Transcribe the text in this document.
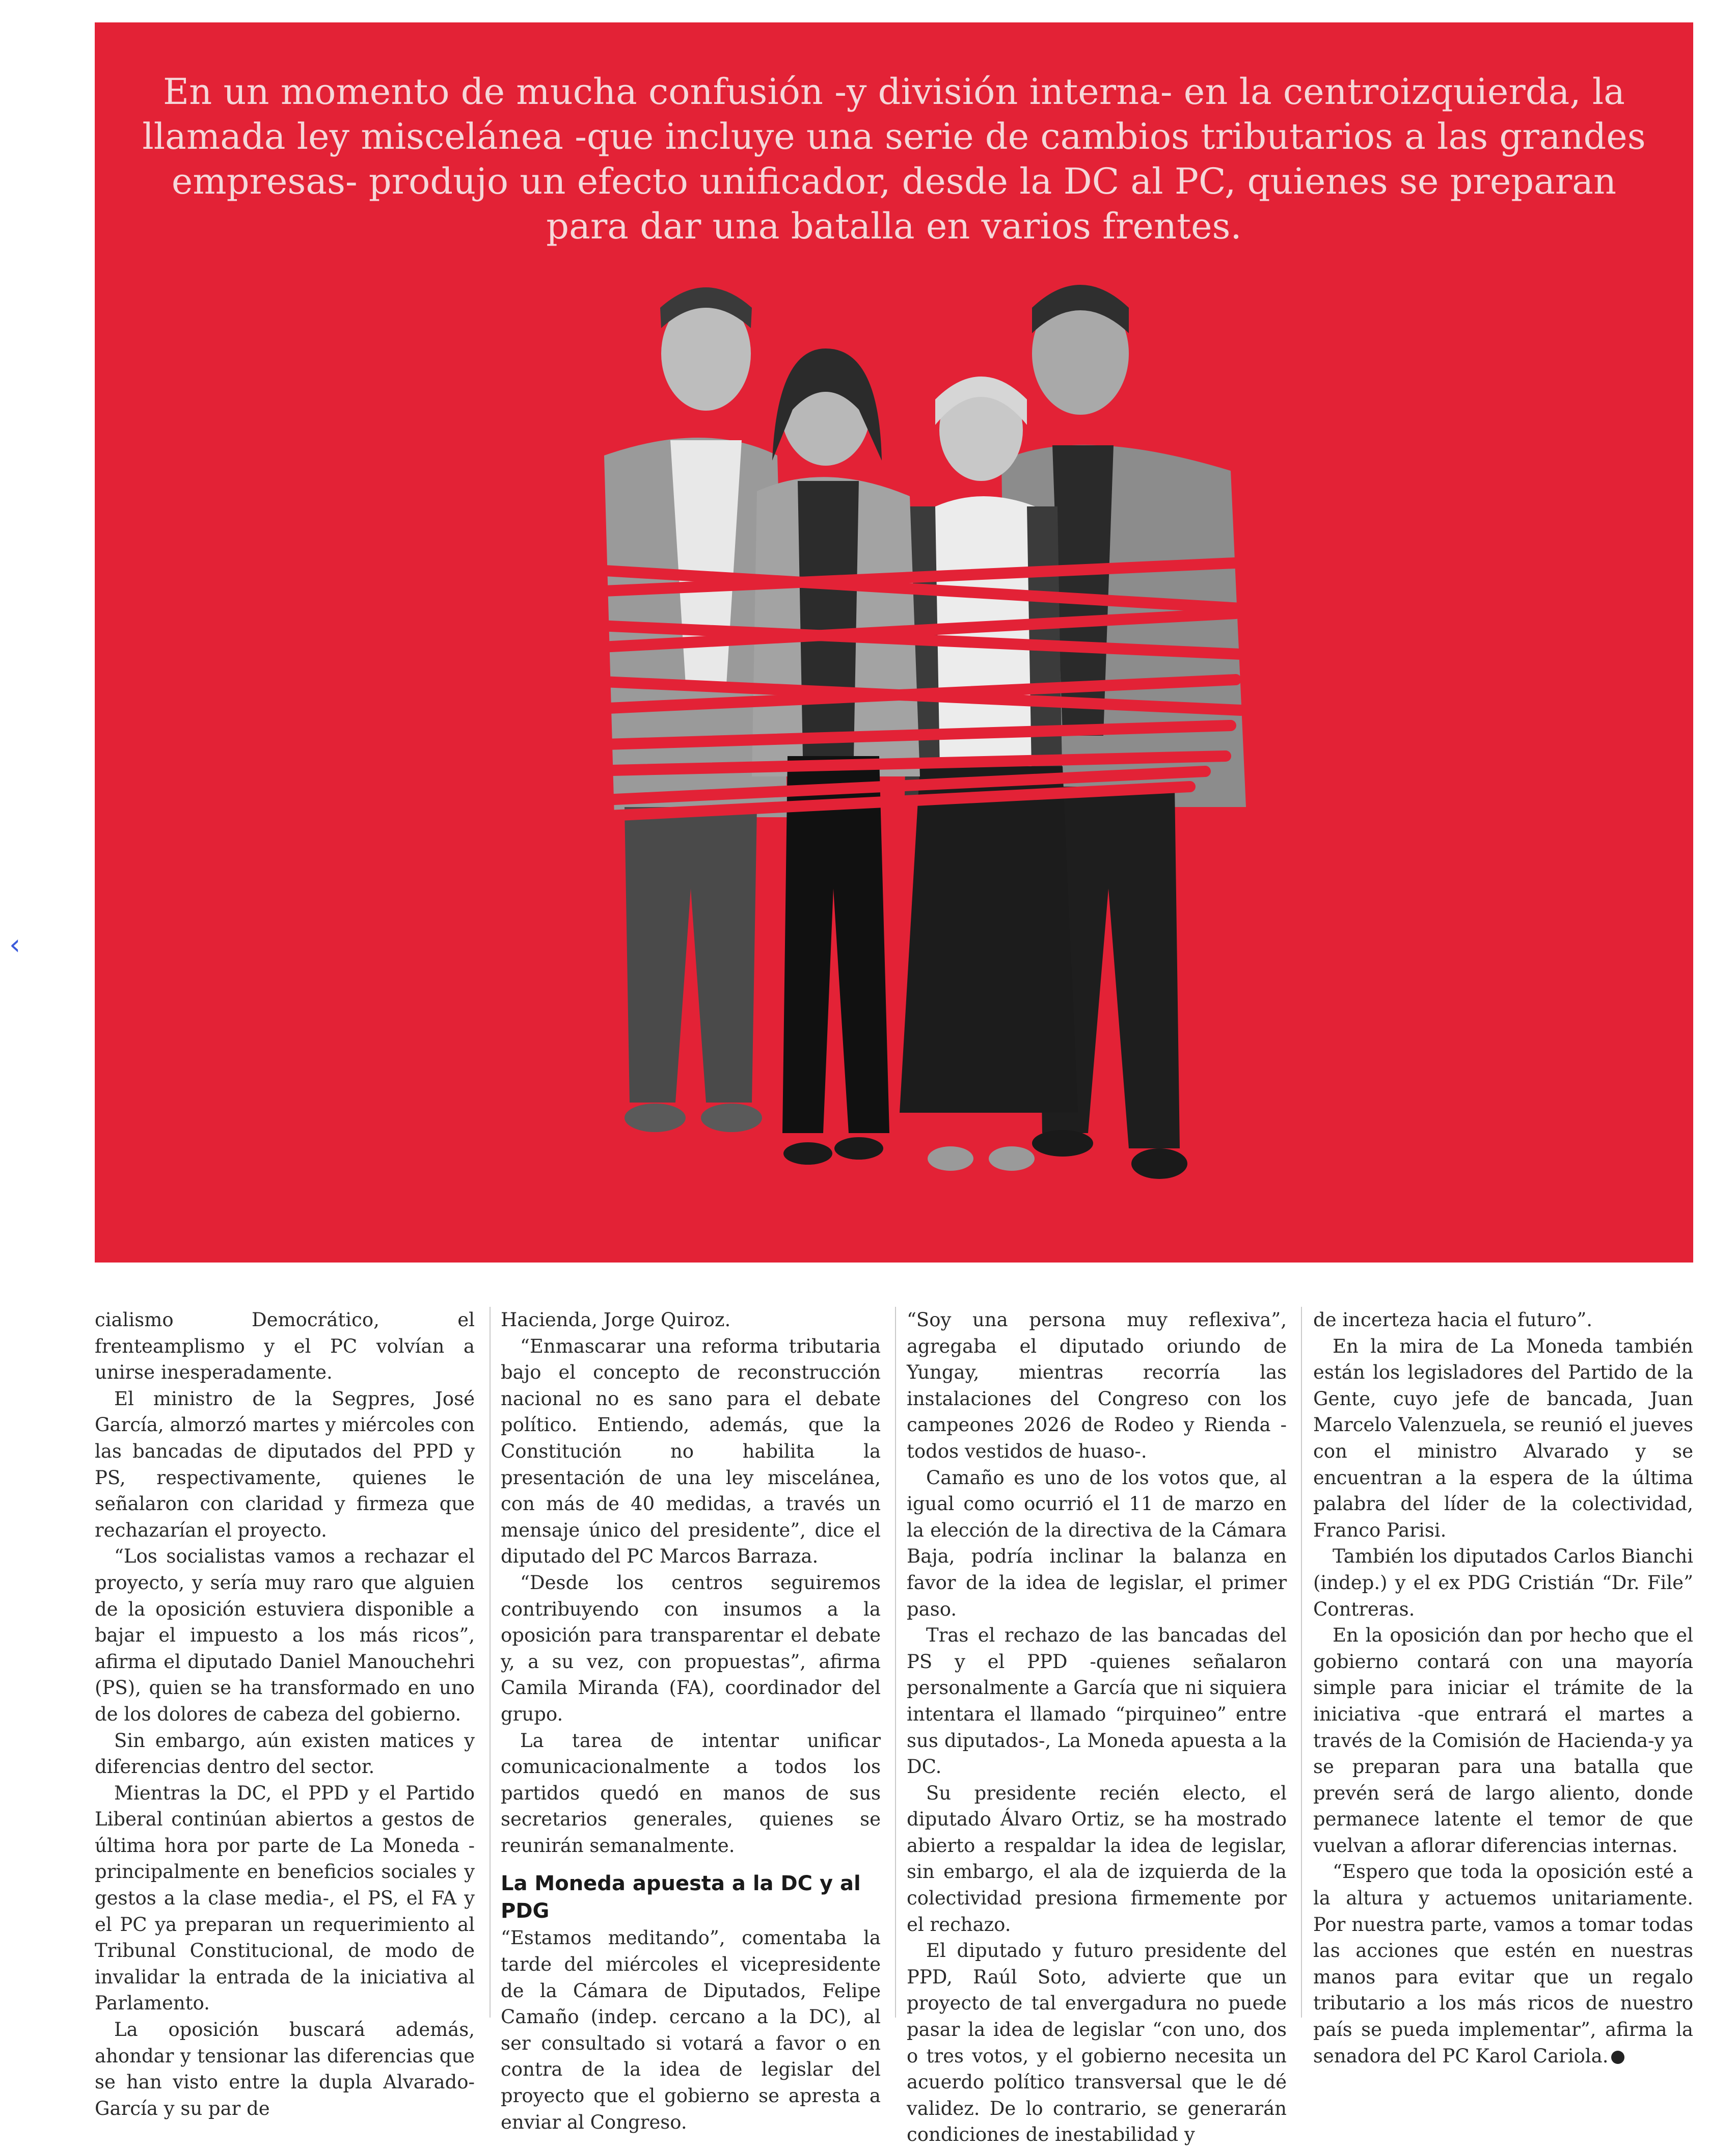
‹
En un momento de mucha confusión -y división interna- en la centroizquierda, la llamada ley miscelánea -que incluye una serie de cambios tributarios a las grandes empresas- produjo un efecto unificador, desde la DC al PC, quienes se preparan para dar una batalla en varios frentes.

cialismo Democrático, el frenteamplismo y el PC volvían a unirse inesperadamente.

El ministro de la Segpres, José García, almorzó martes y miércoles con las bancadas de diputados del PPD y PS, respectivamente, quienes le señalaron con claridad y firmeza que rechazarían el proyecto.

“Los socialistas vamos a rechazar el proyecto, y sería muy raro que alguien de la oposición estuviera disponible a bajar el impuesto a los más ricos”, afirma el diputado Daniel Manouchehri (PS), quien se ha transformado en uno de los dolores de cabeza del gobierno.

Sin embargo, aún existen matices y diferencias dentro del sector.

Mientras la DC, el PPD y el Partido Liberal continúan abiertos a gestos de última hora por parte de La Moneda -principalmente en beneficios sociales y gestos a la clase media-, el PS, el FA y el PC ya preparan un requerimiento al Tribunal Constitucional, de modo de invalidar la entrada de la iniciativa al Parlamento.

La oposición buscará además, ahondar y tensionar las diferencias que se han visto entre la dupla Alvarado-García y su par de

Hacienda, Jorge Quiroz.

“Enmascarar una reforma tributaria bajo el concepto de reconstrucción nacional no es sano para el debate político. Entiendo, además, que la Constitución no habilita la presentación de una ley miscelánea, con más de 40 medidas, a través un mensaje único del presidente”, dice el diputado del PC Marcos Barraza.

“Desde los centros seguiremos contribuyendo con insumos a la oposición para transparentar el debate y, a su vez, con propuestas”, afirma Camila Miranda (FA), coordinador del grupo.

La tarea de intentar unificar comunicacionalmente a todos los partidos quedó en manos de sus secretarios generales, quienes se reunirán semanalmente.

La Moneda apuesta a la DC y al PDG

“Estamos meditando”, comentaba la tarde del miércoles el vicepresidente de la Cámara de Diputados, Felipe Camaño (indep. cercano a la DC), al ser consultado si votará a favor o en contra de la idea de legislar del proyecto que el gobierno se apresta a enviar al Congreso.

“Soy una persona muy reflexiva”, agregaba el diputado oriundo de Yungay, mientras recorría las instalaciones del Congreso con los campeones 2026 de Rodeo y Rienda -todos vestidos de huaso-.

Camaño es uno de los votos que, al igual como ocurrió el 11 de marzo en la elección de la directiva de la Cámara Baja, podría inclinar la balanza en favor de la idea de legislar, el primer paso.

Tras el rechazo de las bancadas del PS y el PPD -quienes señalaron personalmente a García que ni siquiera intentara el llamado “pirquineo” entre sus diputados-, La Moneda apuesta a la DC.

Su presidente recién electo, el diputado Álvaro Ortiz, se ha mostrado abierto a respaldar la idea de legislar, sin embargo, el ala de izquierda de la colectividad presiona firmemente por el rechazo.

El diputado y futuro presidente del PPD, Raúl Soto, advierte que un proyecto de tal envergadura no puede pasar la idea de legislar “con uno, dos o tres votos, y el gobierno necesita un acuerdo político transversal que le dé validez. De lo contrario, se generarán condiciones de inestabilidad y

de incerteza hacia el futuro”.

En la mira de La Moneda también están los legisladores del Partido de la Gente, cuyo jefe de bancada, Juan Marcelo Valenzuela, se reunió el jueves con el ministro Alvarado y se encuentran a la espera de la última palabra del líder de la colectividad, Franco Parisi.

También los diputados Carlos Bianchi (indep.) y el ex PDG Cristián “Dr. File” Contreras.

En la oposición dan por hecho que el gobierno contará con una mayoría simple para iniciar el trámite de la iniciativa -que entrará el martes a través de la Comisión de Hacienda-y ya se preparan para una batalla que prevén será de largo aliento, donde permanece latente el temor de que vuelvan a aflorar diferencias internas.

“Espero que toda la oposición esté a la altura y actuemos unitariamente. Por nuestra parte, vamos a tomar todas las acciones que estén en nuestras manos para evitar que un regalo tributario a los más ricos de nuestro país se pueda implementar”, afirma la senadora del PC Karol Cariola.
